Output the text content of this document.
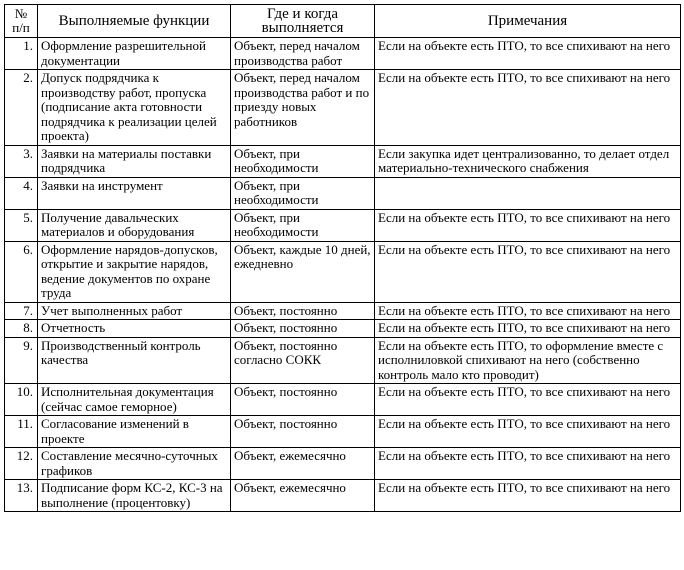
№ п/п	Выполняемые функции	Где и когда выполняется	Примечания
1.	Оформление разрешительной документации	Объект, перед началом производства работ	Если на объекте есть ПТО, то все спихивают на него
2.	Допуск подрядчика к производству работ, пропуска (подписание акта готовности подрядчика к реализации целей проекта)	Объект, перед началом производства работ и по приезду новых работников	Если на объекте есть ПТО, то все спихивают на него
3.	Заявки на материалы поставки подрядчика	Объект, при необходимости	Если закупка идет централизованно, то делает отдел материально-технического снабжения
4.	Заявки на инструмент	Объект, при необходимости	
5.	Получение давальческих материалов и оборудования	Объект, при необходимости	Если на объекте есть ПТО, то все спихивают на него
6.	Оформление нарядов-допусков, открытие и закрытие нарядов, ведение документов по охране труда	Объект, каждые 10 дней, ежедневно	Если на объекте есть ПТО, то все спихивают на него
7.	Учет выполненных работ	Объект, постоянно	Если на объекте есть ПТО, то все спихивают на него
8.	Отчетность	Объект, постоянно	Если на объекте есть ПТО, то все спихивают на него
9.	Производственный контроль качества	Объект, постоянно согласно СОКК	Если на объекте есть ПТО, то оформление вместе с исполниловкой спихивают на него (собственно контроль мало кто проводит)
10.	Исполнительная документация (сейчас самое геморное)	Объект, постоянно	Если на объекте есть ПТО, то все спихивают на него
11.	Согласование изменений в проекте	Объект, постоянно	Если на объекте есть ПТО, то все спихивают на него
12.	Составление месячно-суточных графиков	Объект, ежемесячно	Если на объекте есть ПТО, то все спихивают на него
13.	Подписание форм КС-2, КС-3 на выполнение (процентовку)	Объект, ежемесячно	Если на объекте есть ПТО, то все спихивают на него
